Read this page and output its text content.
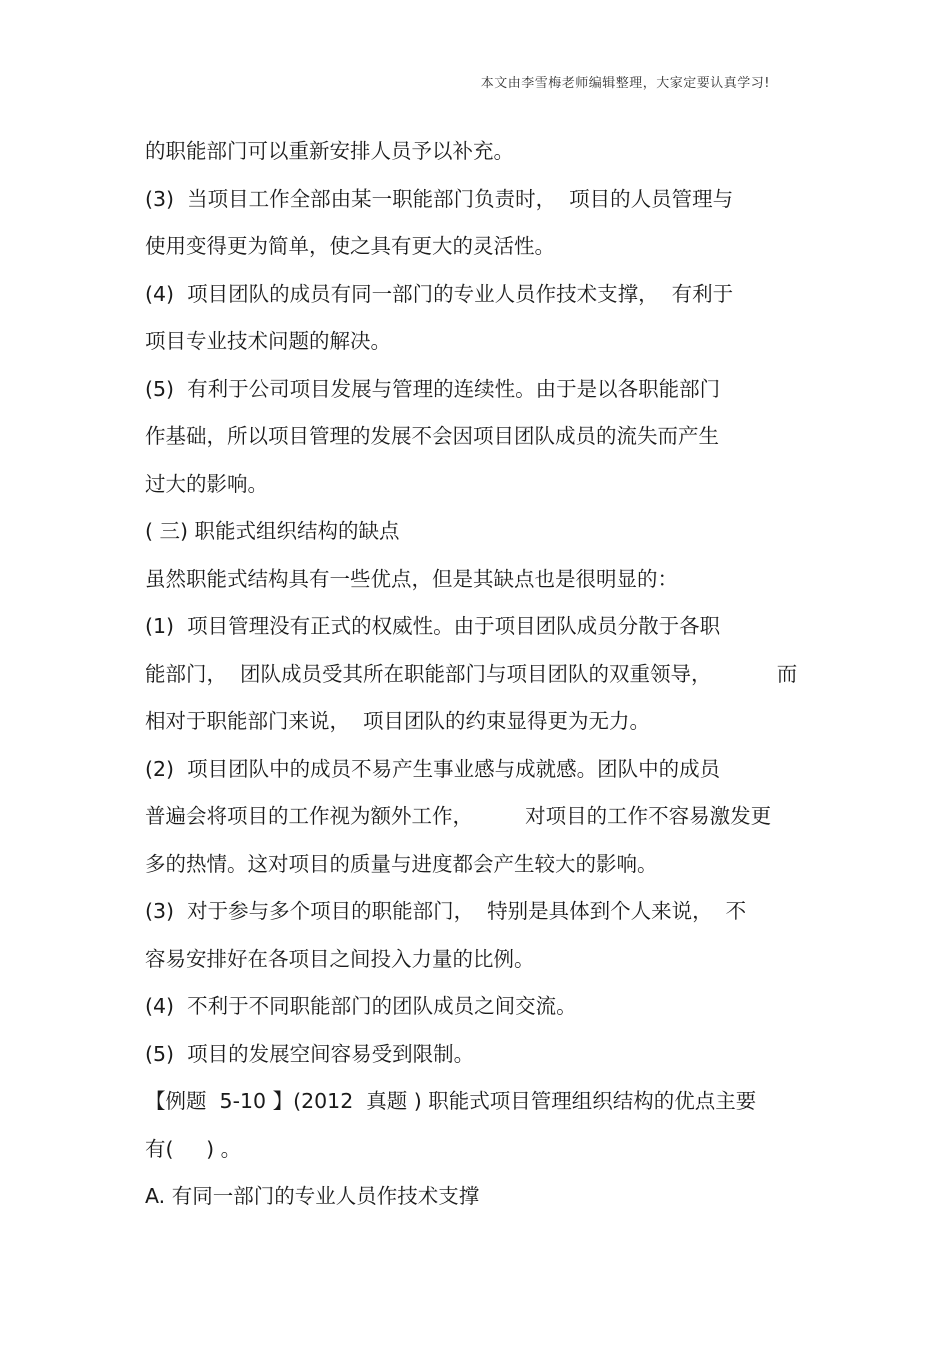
本文由李雪梅老师编辑整理，大家定要认真学习!
的职能部门可以重新安排人员予以补充。
(3)  当项目工作全部由某一职能部门负责时，  项目的人员管理与
使用变得更为简单，使之具有更大的灵活性。
(4)  项目团队的成员有同一部门的专业人员作技术支撑，  有利于
项目专业技术问题的解决。
(5)  有利于公司项目发展与管理的连续性。由于是以各职能部门
作基础，所以项目管理的发展不会因项目团队成员的流失而产生
过大的影响。
( 三) 职能式组织结构的缺点
虽然职能式结构具有一些优点，但是其缺点也是很明显的：
(1)  项目管理没有正式的权威性。由于项目团队成员分散于各职
能部门，  团队成员受其所在职能部门与项目团队的双重领导，          而
相对于职能部门来说，  项目团队的约束显得更为无力。
(2)  项目团队中的成员不易产生事业感与成就感。团队中的成员
普遍会将项目的工作视为额外工作，        对项目的工作不容易激发更
多的热情。这对项目的质量与进度都会产生较大的影响。
(3)  对于参与多个项目的职能部门，  特别是具体到个人来说，  不
容易安排好在各项目之间投入力量的比例。
(4)  不利于不同职能部门的团队成员之间交流。
(5)  项目的发展空间容易受到限制。
【例题  5-10 】(2012  真题 ) 职能式项目管理组织结构的优点主要
有(     ) 。
A. 有同一部门的专业人员作技术支撑
